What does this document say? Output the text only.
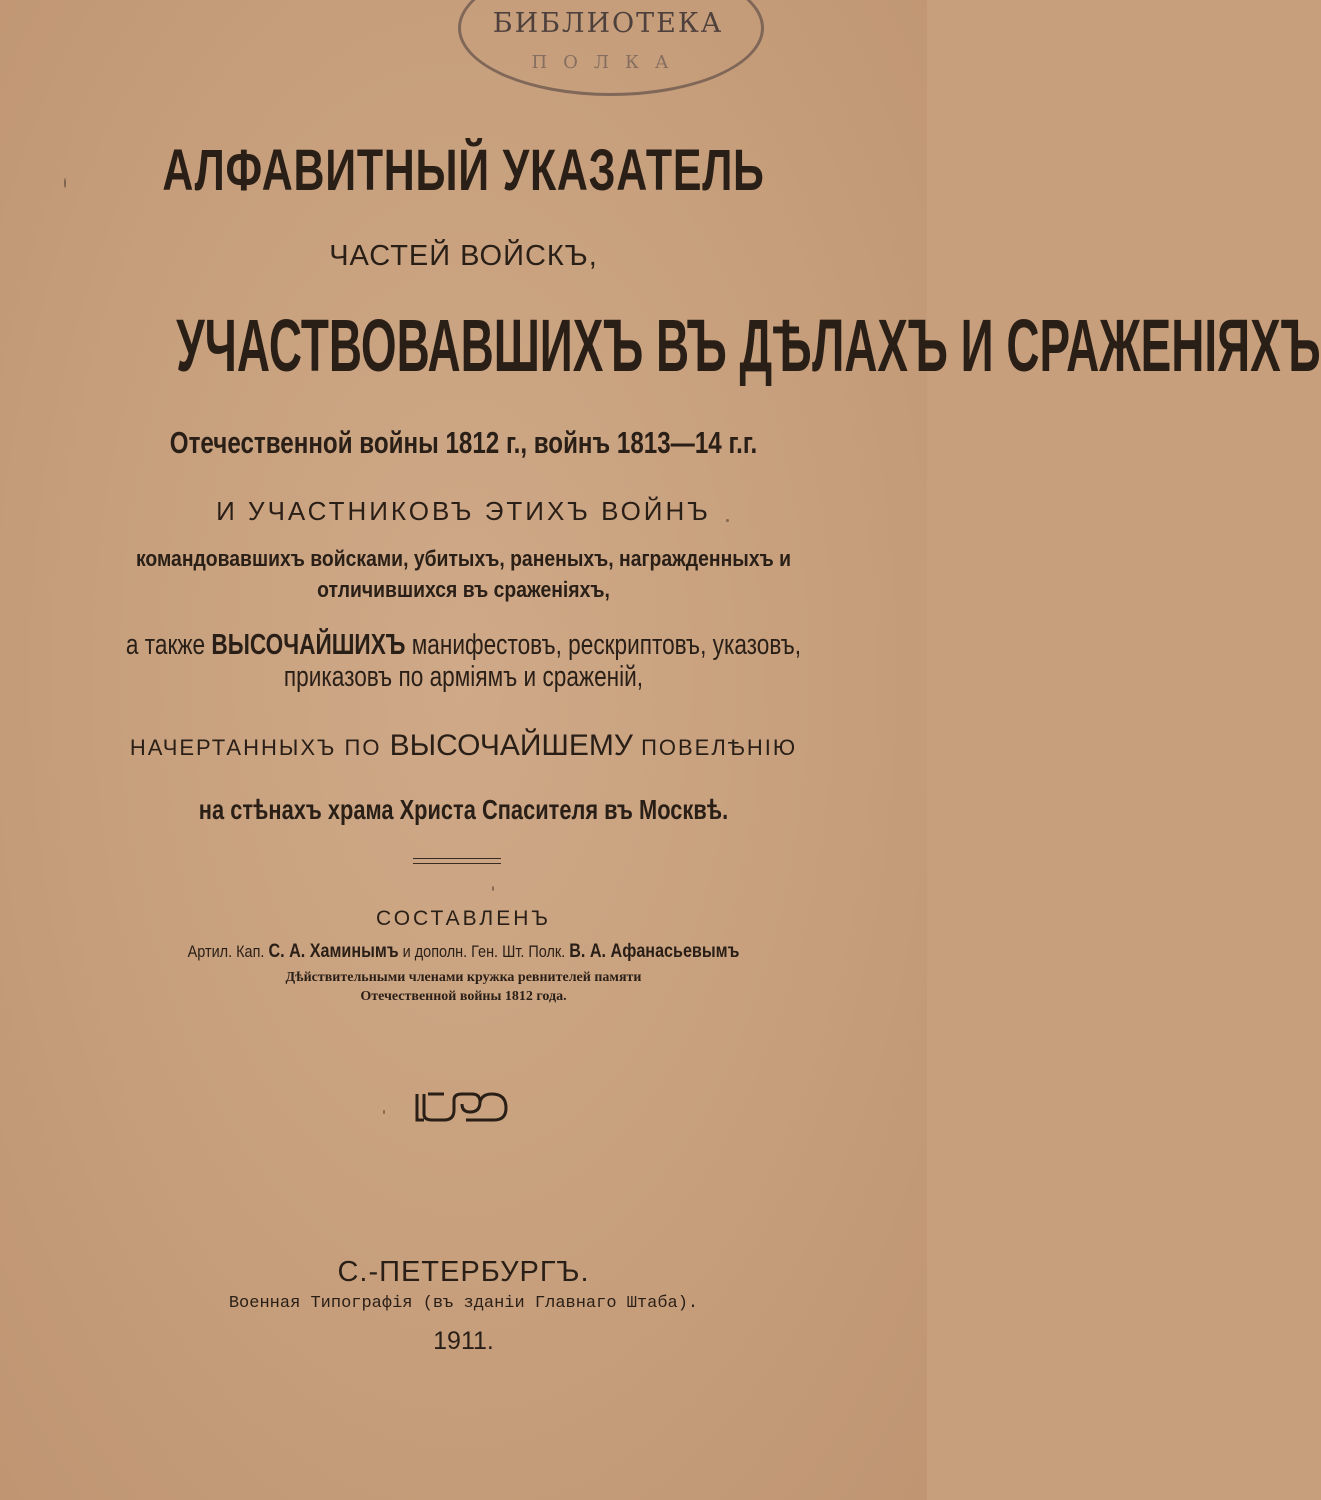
БИБЛИОТЕКА
ПОЛКА
АЛФАВИТНЫЙ УКАЗАТЕЛЬ
ЧАСТЕЙ ВОЙСКЪ,
УЧАСТВОВАВШИХЪ ВЪ ДѢЛАХЪ И СРАЖЕНІЯХЪ
Отечественной войны 1812 г., войнъ 1813—14 г.г.
И УЧАСТНИКОВЪ ЭТИХЪ ВОЙНЪ
командовавшихъ войсками, убитыхъ, раненыхъ, награжденныхъ и
отличившихся въ сраженіяхъ,
а также ВЫСОЧАЙШИХЪ манифестовъ, рескриптовъ, указовъ,
приказовъ по арміямъ и сраженій,
НАЧЕРТАННЫХЪ ПО ВЫСОЧАЙШЕМУ ПОВЕЛѢНІЮ
на стѣнахъ храма Христа Спасителя въ Москвѣ.
СОСТАВЛЕНЪ
Артил. Кап. С. А. Хаминымъ и дополн. Ген. Шт. Полк. В. А. Афанасьевымъ
Дѣйствительными членами кружка ревнителей памяти
Отечественной войны 1812 года.
С.-ПЕТЕРБУРГЪ.
Военная Типографія (въ зданіи Главнаго Штаба).
1911.
